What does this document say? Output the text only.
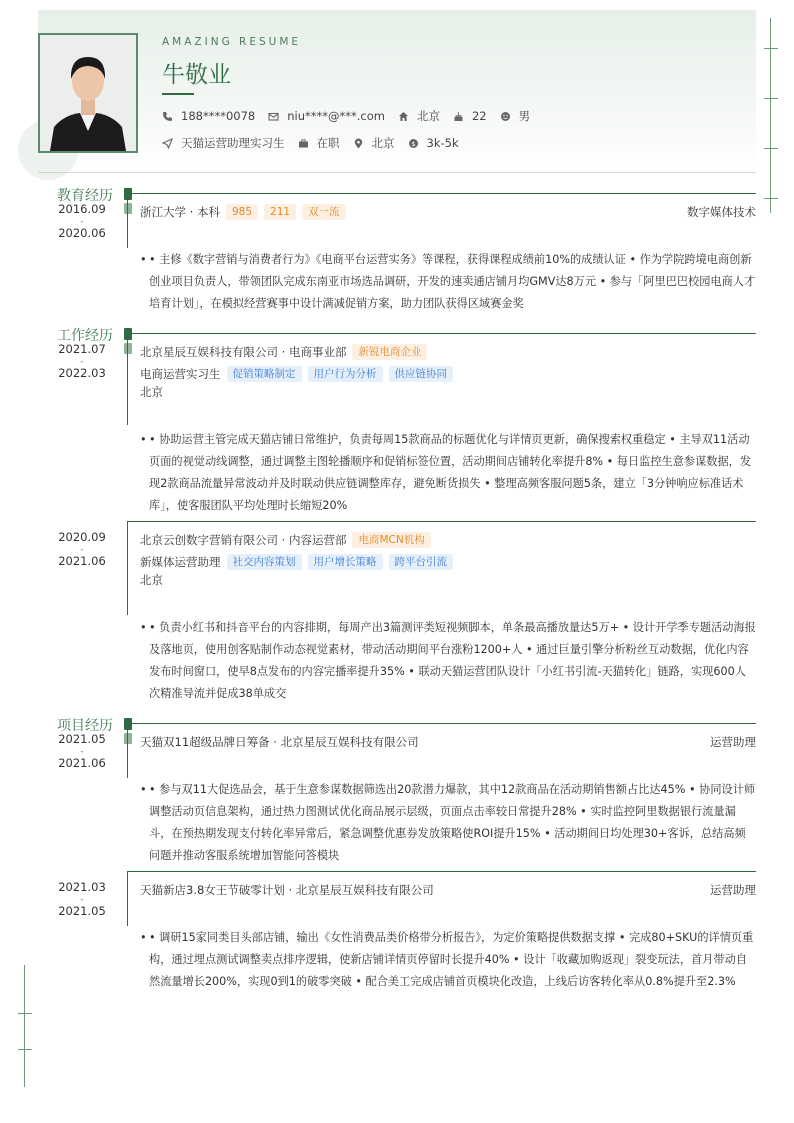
AMAZING RESUME
牛敬业
188****0078	niu****@***.com	北京	22	男
天猫运营助理实习生	在职	北京	$ 3k-5k
教育经历
2016.09
-
2020.06
浙江大学 · 本科	985	211	双一流	数字媒体技术
• • 主修《数字营销与消费者行为》《电商平台运营实务》等课程，获得课程成绩前10%的成绩认证 • 作为学院跨境电商创新创业项目负责人，带领团队完成东南亚市场选品调研，开发的速卖通店铺月均GMV达8万元 • 参与「阿里巴巴校园电商人才培育计划」，在模拟经营赛事中设计满减促销方案，助力团队获得区域赛金奖
工作经历
2021.07
-
2022.03
北京星辰互娱科技有限公司 · 电商事业部	新锐电商企业
电商运营实习生	促销策略制定	用户行为分析	供应链协同
北京
• • 协助运营主管完成天猫店铺日常维护，负责每周15款商品的标题优化与详情页更新，确保搜索权重稳定 • 主导双11活动页面的视觉动线调整，通过调整主图轮播顺序和促销标签位置，活动期间店铺转化率提升8% • 每日监控生意参谋数据，发现2款商品流量异常波动并及时联动供应链调整库存，避免断货损失 • 整理高频客服问题5条，建立「3分钟响应标准话术库」，使客服团队平均处理时长缩短20%
2020.09
-
2021.06
北京云创数字营销有限公司 · 内容运营部	电商MCN机构
新媒体运营助理	社交内容策划	用户增长策略	跨平台引流
北京
• • 负责小红书和抖音平台的内容排期，每周产出3篇测评类短视频脚本，单条最高播放量达5万+ • 设计开学季专题活动海报及落地页，使用创客贴制作动态视觉素材，带动活动期间平台涨粉1200+人 • 通过巨量引擎分析粉丝互动数据，优化内容发布时间窗口，使早8点发布的内容完播率提升35% • 联动天猫运营团队设计「小红书引流-天猫转化」链路，实现600人次精准导流并促成38单成交
项目经历
2021.05
-
2021.06
天猫双11超级品牌日筹备 · 北京星辰互娱科技有限公司	运营助理
• • 参与双11大促选品会，基于生意参谋数据筛选出20款潜力爆款，其中12款商品在活动期销售额占比达45% • 协同设计师调整活动页信息架构，通过热力图测试优化商品展示层级，页面点击率较日常提升28% • 实时监控阿里数据银行流量漏斗，在预热期发现支付转化率异常后，紧急调整优惠券发放策略使ROI提升15% • 活动期间日均处理30+客诉，总结高频问题并推动客服系统增加智能问答模块
2021.03
-
2021.05
天猫新店3.8女王节破零计划 · 北京星辰互娱科技有限公司	运营助理
• • 调研15家同类目头部店铺，输出《女性消费品类价格带分析报告》，为定价策略提供数据支撑 • 完成80+SKU的详情页重构，通过埋点测试调整卖点排序逻辑，使新店铺详情页停留时长提升40% • 设计「收藏加购返现」裂变玩法，首月带动自然流量增长200%，实现0到1的破零突破 • 配合美工完成店铺首页模块化改造，上线后访客转化率从0.8%提升至2.3%
